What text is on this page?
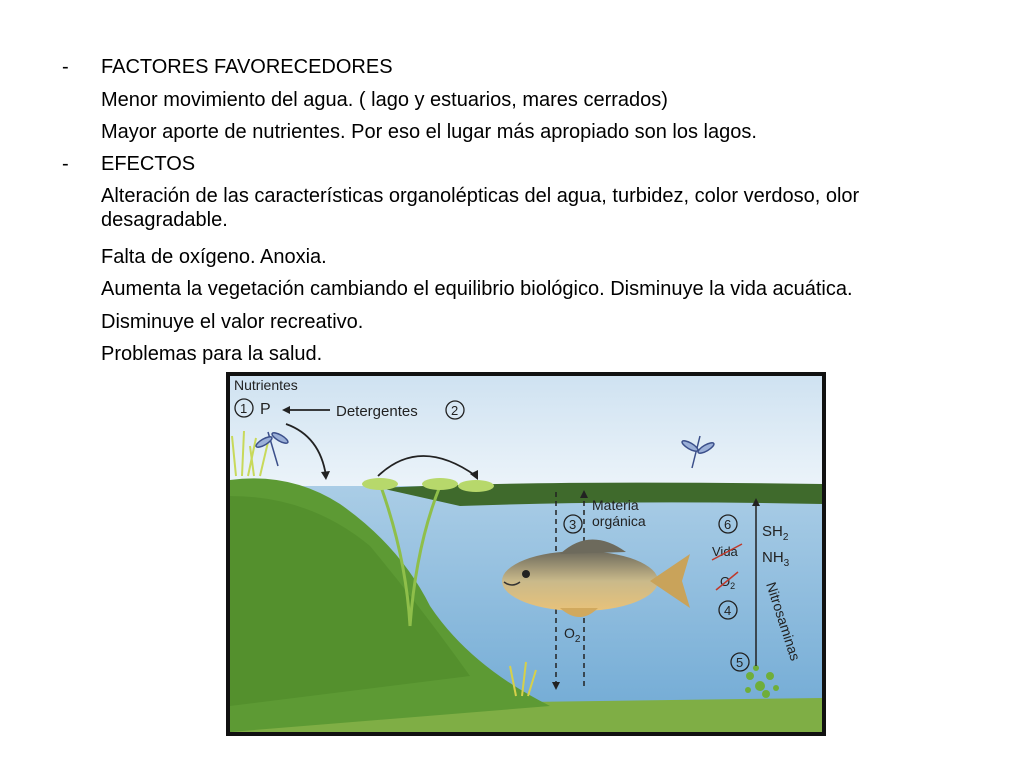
- FACTORES FAVORECEDORES
Menor movimiento del agua. ( lago y estuarios, mares cerrados)
Mayor aporte de nutrientes. Por eso el lugar más apropiado son los lagos.
- EFECTOS
Alteración de las características organolépticas del agua, turbidez, color verdoso, olor desagradable.
Falta de oxígeno. Anoxia.
Aumenta la vegetación cambiando el equilibrio biológico. Disminuye la vida acuática.
Disminuye el valor recreativo.
Problemas para la salud.
Nutrientes
1 P	Detergentes	2
3
Materia
orgánica
$O_2$
6
Vida
$O_2$
4
5
$SH_2$
$NH_3$
Nitrosaminas
